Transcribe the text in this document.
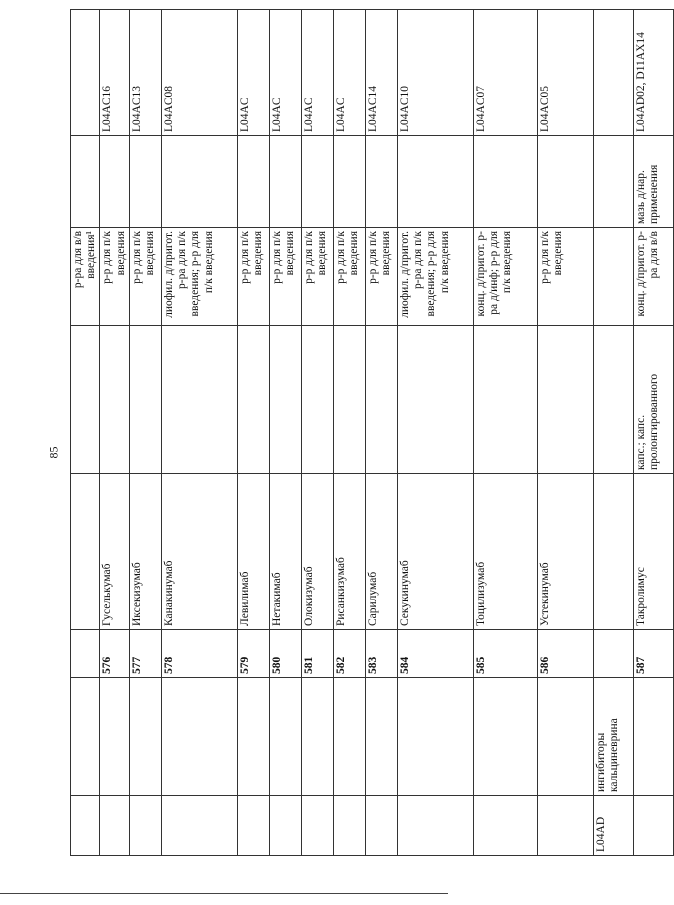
85
					р-ра для в/в введения¹		
		576	Гуселькумаб		р-р для п/к введения		L04AC16
		577	Иксекизумаб		р-р для п/к введения		L04AC13
		578	Канакинумаб		лиофил. д/пригот. р-ра для п/к введения; р-р для п/к введения		L04AC08
		579	Левилимаб		р-р для п/к введения		L04AC
		580	Нетакимаб		р-р для п/к введения		L04AC
		581	Олокизумаб		р-р для п/к введения		L04AC
		582	Рисанкизумаб		р-р для п/к введения		L04AC
		583	Сарилумаб		р-р для п/к введения		L04AC14
		584	Секукинумаб		лиофил. д/пригот. р-ра для п/к введения; р-р для п/к введения		L04AC10
		585	Тоцилизумаб		конц. д/пригот. р-ра д/инф; р-р для п/к введения		L04AC07
		586	Устекинумаб		р-р для п/к введения		L04AC05
L04AD	ингибиторы кальциневрина						
		587	Такролимус	капс.; капс. пролонгированного	конц. д/пригот. р-ра для в/в	мазь д/нар. применения	L04AD02, D11AX14
